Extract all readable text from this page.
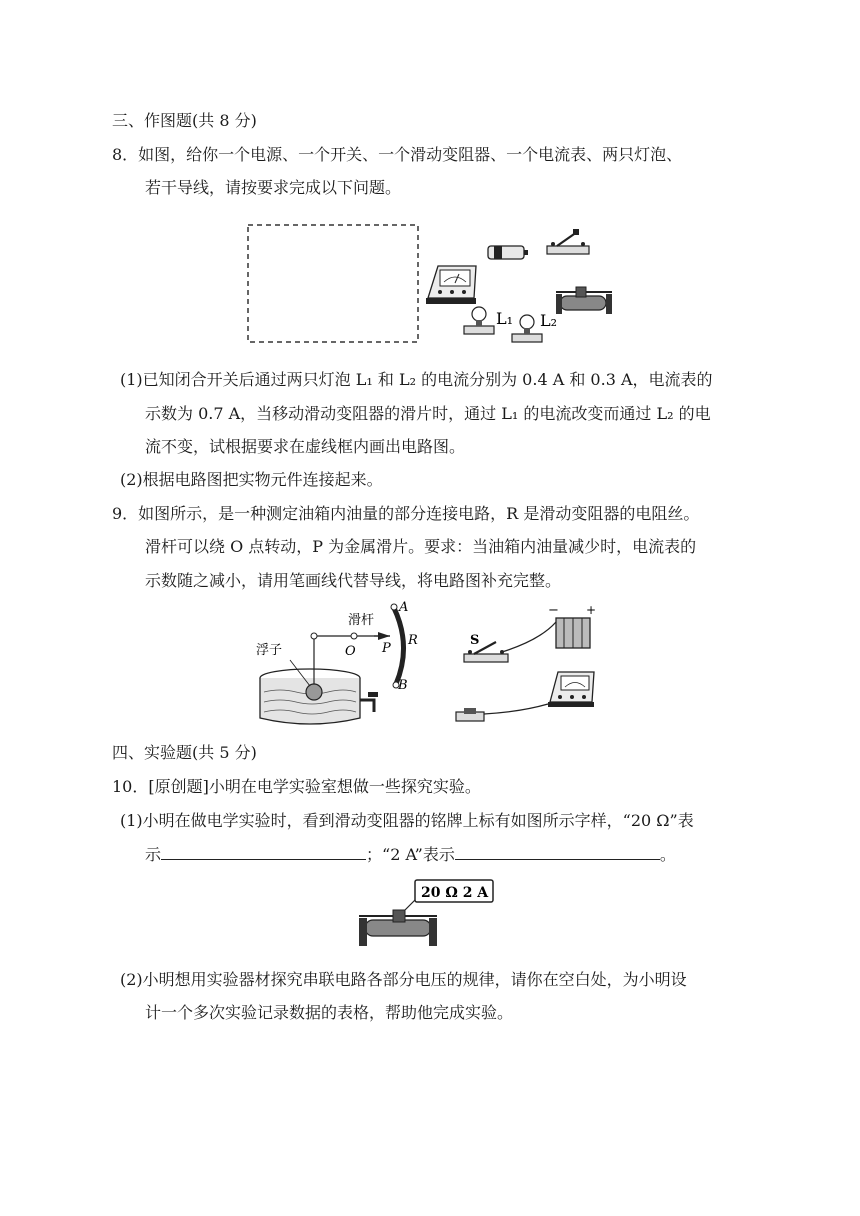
三、作图题(共 8 分)
8．如图，给你一个电源、一个开关、一个滑动变阻器、一个电流表、两只灯泡、
若干导线，请按要求完成以下问题。
L₁ L₂
(1)已知闭合开关后通过两只灯泡 L₁ 和 L₂ 的电流分别为 0.4 A 和 0.3 A，电流表的
示数为 0.7 A，当移动滑动变阻器的滑片时，通过 L₁ 的电流改变而通过 L₂ 的电
流不变，试根据要求在虚线框内画出电路图。
(2)根据电路图把实物元件连接起来。
9．如图所示，是一种测定油箱内油量的部分连接电路，R 是滑动变阻器的电阻丝。
滑杆可以绕 O 点转动，P 为金属滑片。要求：当油箱内油量减少时，电流表的
示数随之减小，请用笔画线代替导线，将电路图补充完整。
浮子
滑杆
O
A
B
P
R	S
− +
四、实验题(共 5 分)
10．[原创题]小明在电学实验室想做一些探究实验。
(1)小明在做电学实验时，看到滑动变阻器的铭牌上标有如图所示字样，“20 Ω”表
示	；“2 A”表示	。
20 Ω 2 A
(2)小明想用实验器材探究串联电路各部分电压的规律，请你在空白处，为小明设
计一个多次实验记录数据的表格，帮助他完成实验。
